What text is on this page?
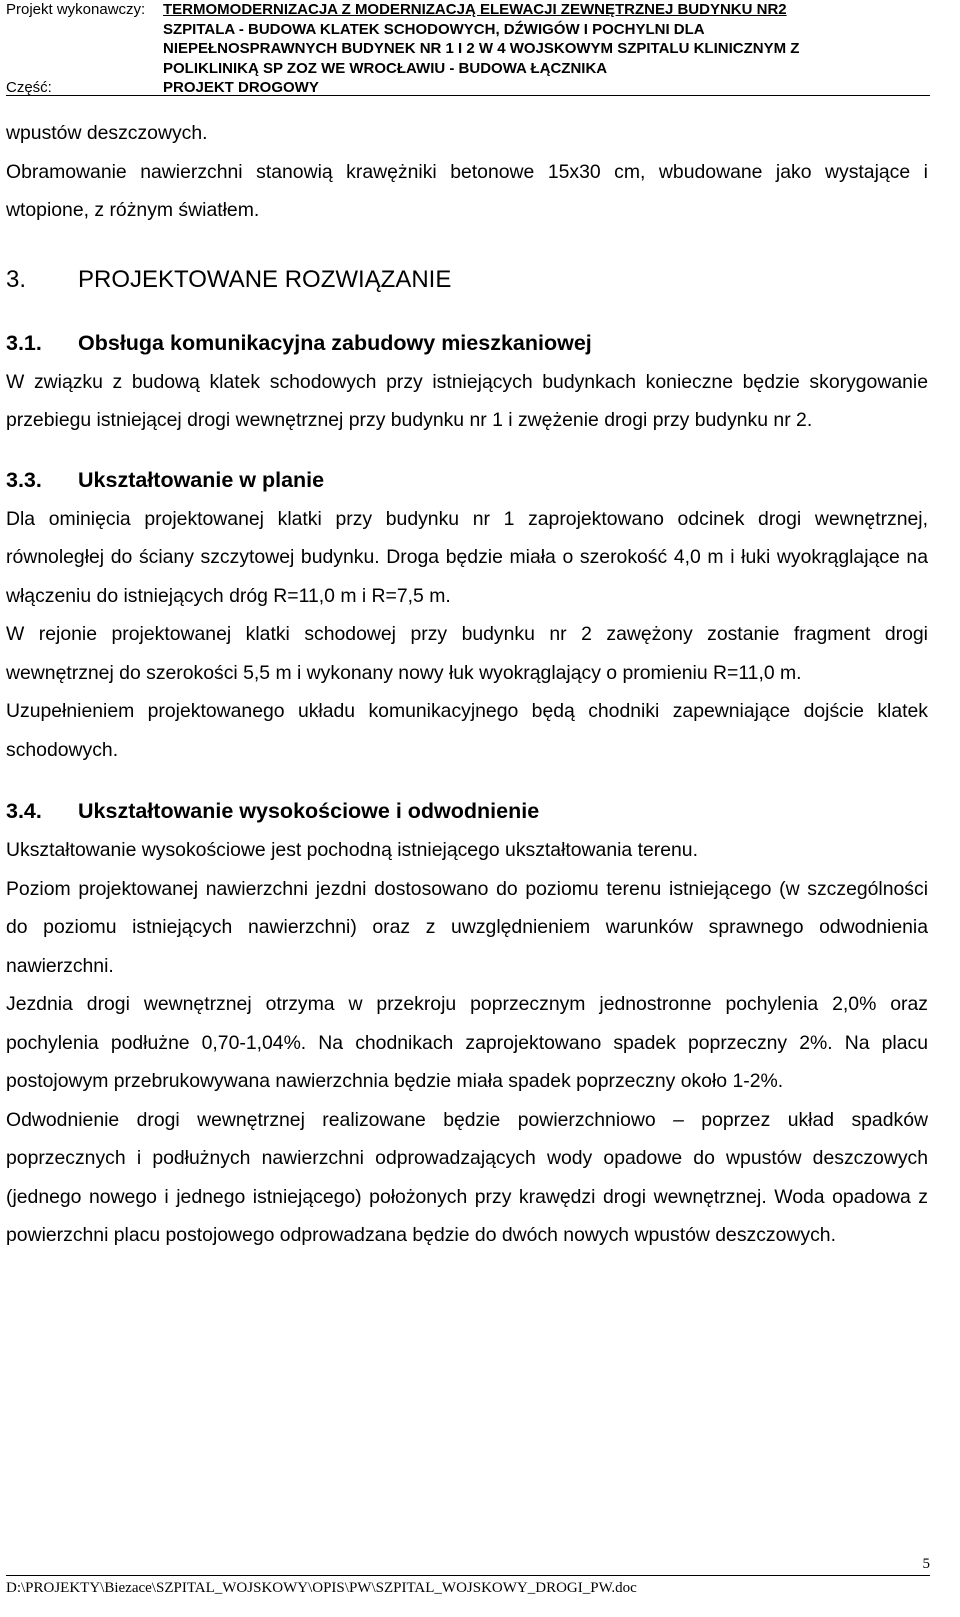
Projekt wykonawczy:	TERMOMODERNIZACJA Z MODERNIZACJĄ ELEWACJI ZEWNĘTRZNEJ BUDYNKU NR2
SZPITALA - BUDOWA KLATEK SCHODOWYCH, DŹWIGÓW I POCHYLNI DLA
NIEPEŁNOSPRAWNYCH BUDYNEK NR 1 I 2 W 4 WOJSKOWYM SZPITALU KLINICZNYM Z
POLIKLINIKĄ SP ZOZ WE WROCŁAWIU - BUDOWA ŁĄCZNIKA
Część:	PROJEKT DROGOWY

wpustów deszczowych.

Obramowanie nawierzchni stanowią krawężniki betonowe 15x30 cm, wbudowane jako wystające i wtopione, z różnym światłem.

3. PROJEKTOWANE ROZWIĄZANIE

3.1. Obsługa komunikacyjna zabudowy mieszkaniowej

W związku z budową klatek schodowych przy istniejących budynkach konieczne będzie skorygowanie przebiegu istniejącej drogi wewnętrznej przy budynku nr 1 i zwężenie drogi przy budynku nr 2.

3.3. Ukształtowanie w planie

Dla ominięcia projektowanej klatki przy budynku nr 1 zaprojektowano odcinek drogi wewnętrznej, równoległej do ściany szczytowej budynku. Droga będzie miała o szerokość 4,0 m i łuki wyokrąglające na włączeniu do istniejących dróg R=11,0 m i R=7,5 m.

W rejonie projektowanej klatki schodowej przy budynku nr 2 zawężony zostanie fragment drogi wewnętrznej do szerokości 5,5 m i wykonany nowy łuk wyokrąglający o promieniu R=11,0 m.

Uzupełnieniem projektowanego układu komunikacyjnego będą chodniki zapewniające dojście klatek schodowych.

3.4. Ukształtowanie wysokościowe i odwodnienie

Ukształtowanie wysokościowe jest pochodną istniejącego ukształtowania terenu.

Poziom projektowanej nawierzchni jezdni dostosowano do poziomu terenu istniejącego (w szczególności do poziomu istniejących nawierzchni) oraz z uwzględnieniem warunków sprawnego odwodnienia nawierzchni.

Jezdnia drogi wewnętrznej otrzyma w przekroju poprzecznym jednostronne pochylenia 2,0% oraz pochylenia podłużne 0,70-1,04%. Na chodnikach zaprojektowano spadek poprzeczny 2%. Na placu postojowym przebrukowywana nawierzchnia będzie miała spadek poprzeczny około 1-2%.

Odwodnienie drogi wewnętrznej realizowane będzie powierzchniowo – poprzez układ spadków poprzecznych i podłużnych nawierzchni odprowadzających wody opadowe do wpustów deszczowych (jednego nowego i jednego istniejącego) położonych przy krawędzi drogi wewnętrznej. Woda opadowa z powierzchni placu postojowego odprowadzana będzie do dwóch nowych wpustów deszczowych.

5
D:\PROJEKTY\Biezace\SZPITAL_WOJSKOWY\OPIS\PW\SZPITAL_WOJSKOWY_DROGI_PW.doc
